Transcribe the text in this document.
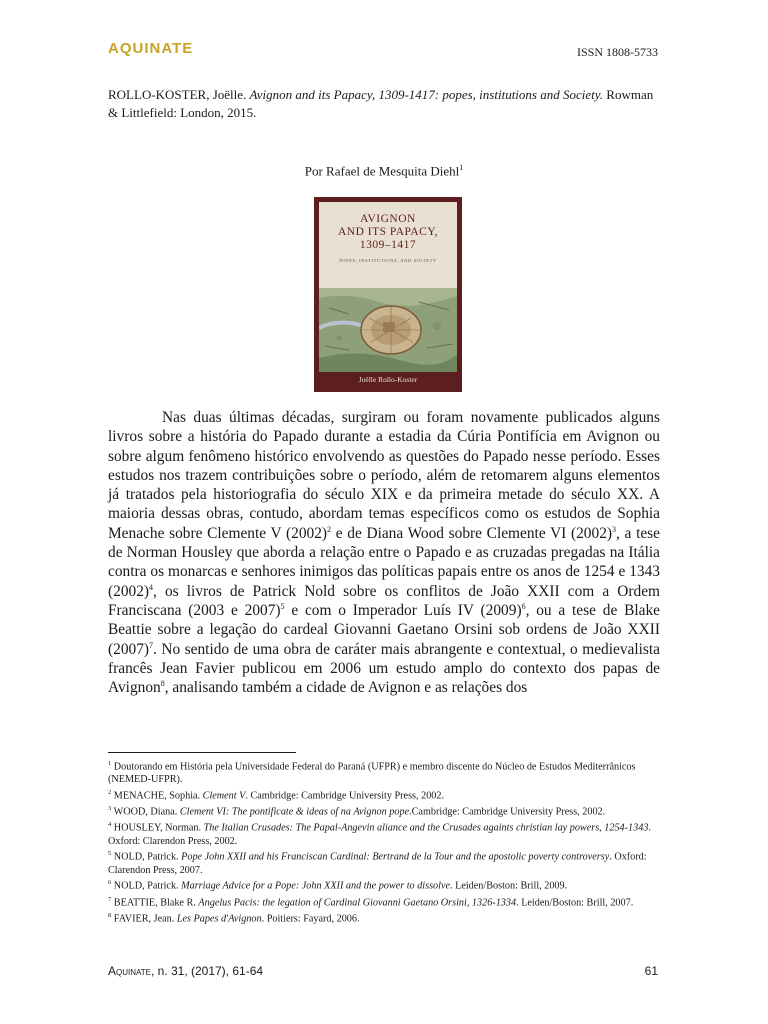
AQUINATE	ISSN 1808-5733
ROLLO-KOSTER, Joëlle. Avignon and its Papacy, 1309-1417: popes, institutions and Society. Rowman & Littlefield: London, 2015.
Por Rafael de Mesquita Diehl$^1$
AVIGNON
AND ITS PAPACY,
1309–1417
POPES, INSTITUTIONS, AND SOCIETY
Joëlle Rollo-Koster

Nas duas últimas décadas, surgiram ou foram novamente publicados alguns livros sobre a história do Papado durante a estadia da Cúria Pontifícia em Avignon ou sobre algum fenômeno histórico envolvendo as questões do Papado nesse período. Esses estudos nos trazem contribuições sobre o período, além de retomarem alguns elementos já tratados pela historiografia do século XIX e da primeira metade do século XX. A maioria dessas obras, contudo, abordam temas específicos como os estudos de Sophia Menache sobre Clemente V $(2002)^2$ e de Diana Wood sobre Clemente VI $(2002)^3$, a tese de Norman Housley que aborda a relação entre o Papado e as cruzadas pregadas na Itália contra os monarcas e senhores inimigos das políticas papais entre os anos de 1254 e 1343 $(2002)^4$, os livros de Patrick Nold sobre os conflitos de João XXII com a Ordem Franciscana (2003 e 2007)$^5$ e com o Imperador Luís IV $(2009)^6$, ou a tese de Blake Beattie sobre a legação do cardeal Giovanni Gaetano Orsini sob ordens de João XXII $(2007)^7$. No sentido de uma obra de caráter mais abrangente e contextual, o medievalista francês Jean Favier publicou em 2006 um estudo amplo do contexto dos papas de Avignon$^8$, analisando também a cidade de Avignon e as relações dos

$^1$ Doutorando em História pela Universidade Federal do Paraná (UFPR) e membro discente do Núcleo de Estudos Mediterrânicos (NEMED-UFPR).

$^2$ MENACHE, Sophia. Clement V. Cambridge: Cambridge University Press, 2002.

$^3$ WOOD, Diana. Clement VI: The pontificate & ideas of na Avignon pope.Cambridge: Cambridge University Press, 2002.

$^4$ HOUSLEY, Norman. The Italian Crusades: The Papal-Angevin aliance and the Crusades againts christian lay powers, 1254-1343. Oxford: Clarendon Press, 2002.

$^5$ NOLD, Patrick. Pope John XXII and his Franciscan Cardinal: Bertrand de la Tour and the apostolic poverty controversy. Oxford: Clarendon Press, 2007.

$^6$ NOLD, Patrick. Marriage Advice for a Pope: John XXII and the power to dissolve. Leiden/Boston: Brill, 2009.

$^7$ BEATTIE, Blake R. Angelus Pacis: the legation of Cardinal Giovanni Gaetano Orsini, 1326-1334. Leiden/Boston: Brill, 2007.

$^8$ FAVIER, Jean. Les Papes d'Avignon. Poitiers: Fayard, 2006.

Aquinate, n. 31, (2017), 61-64	61
